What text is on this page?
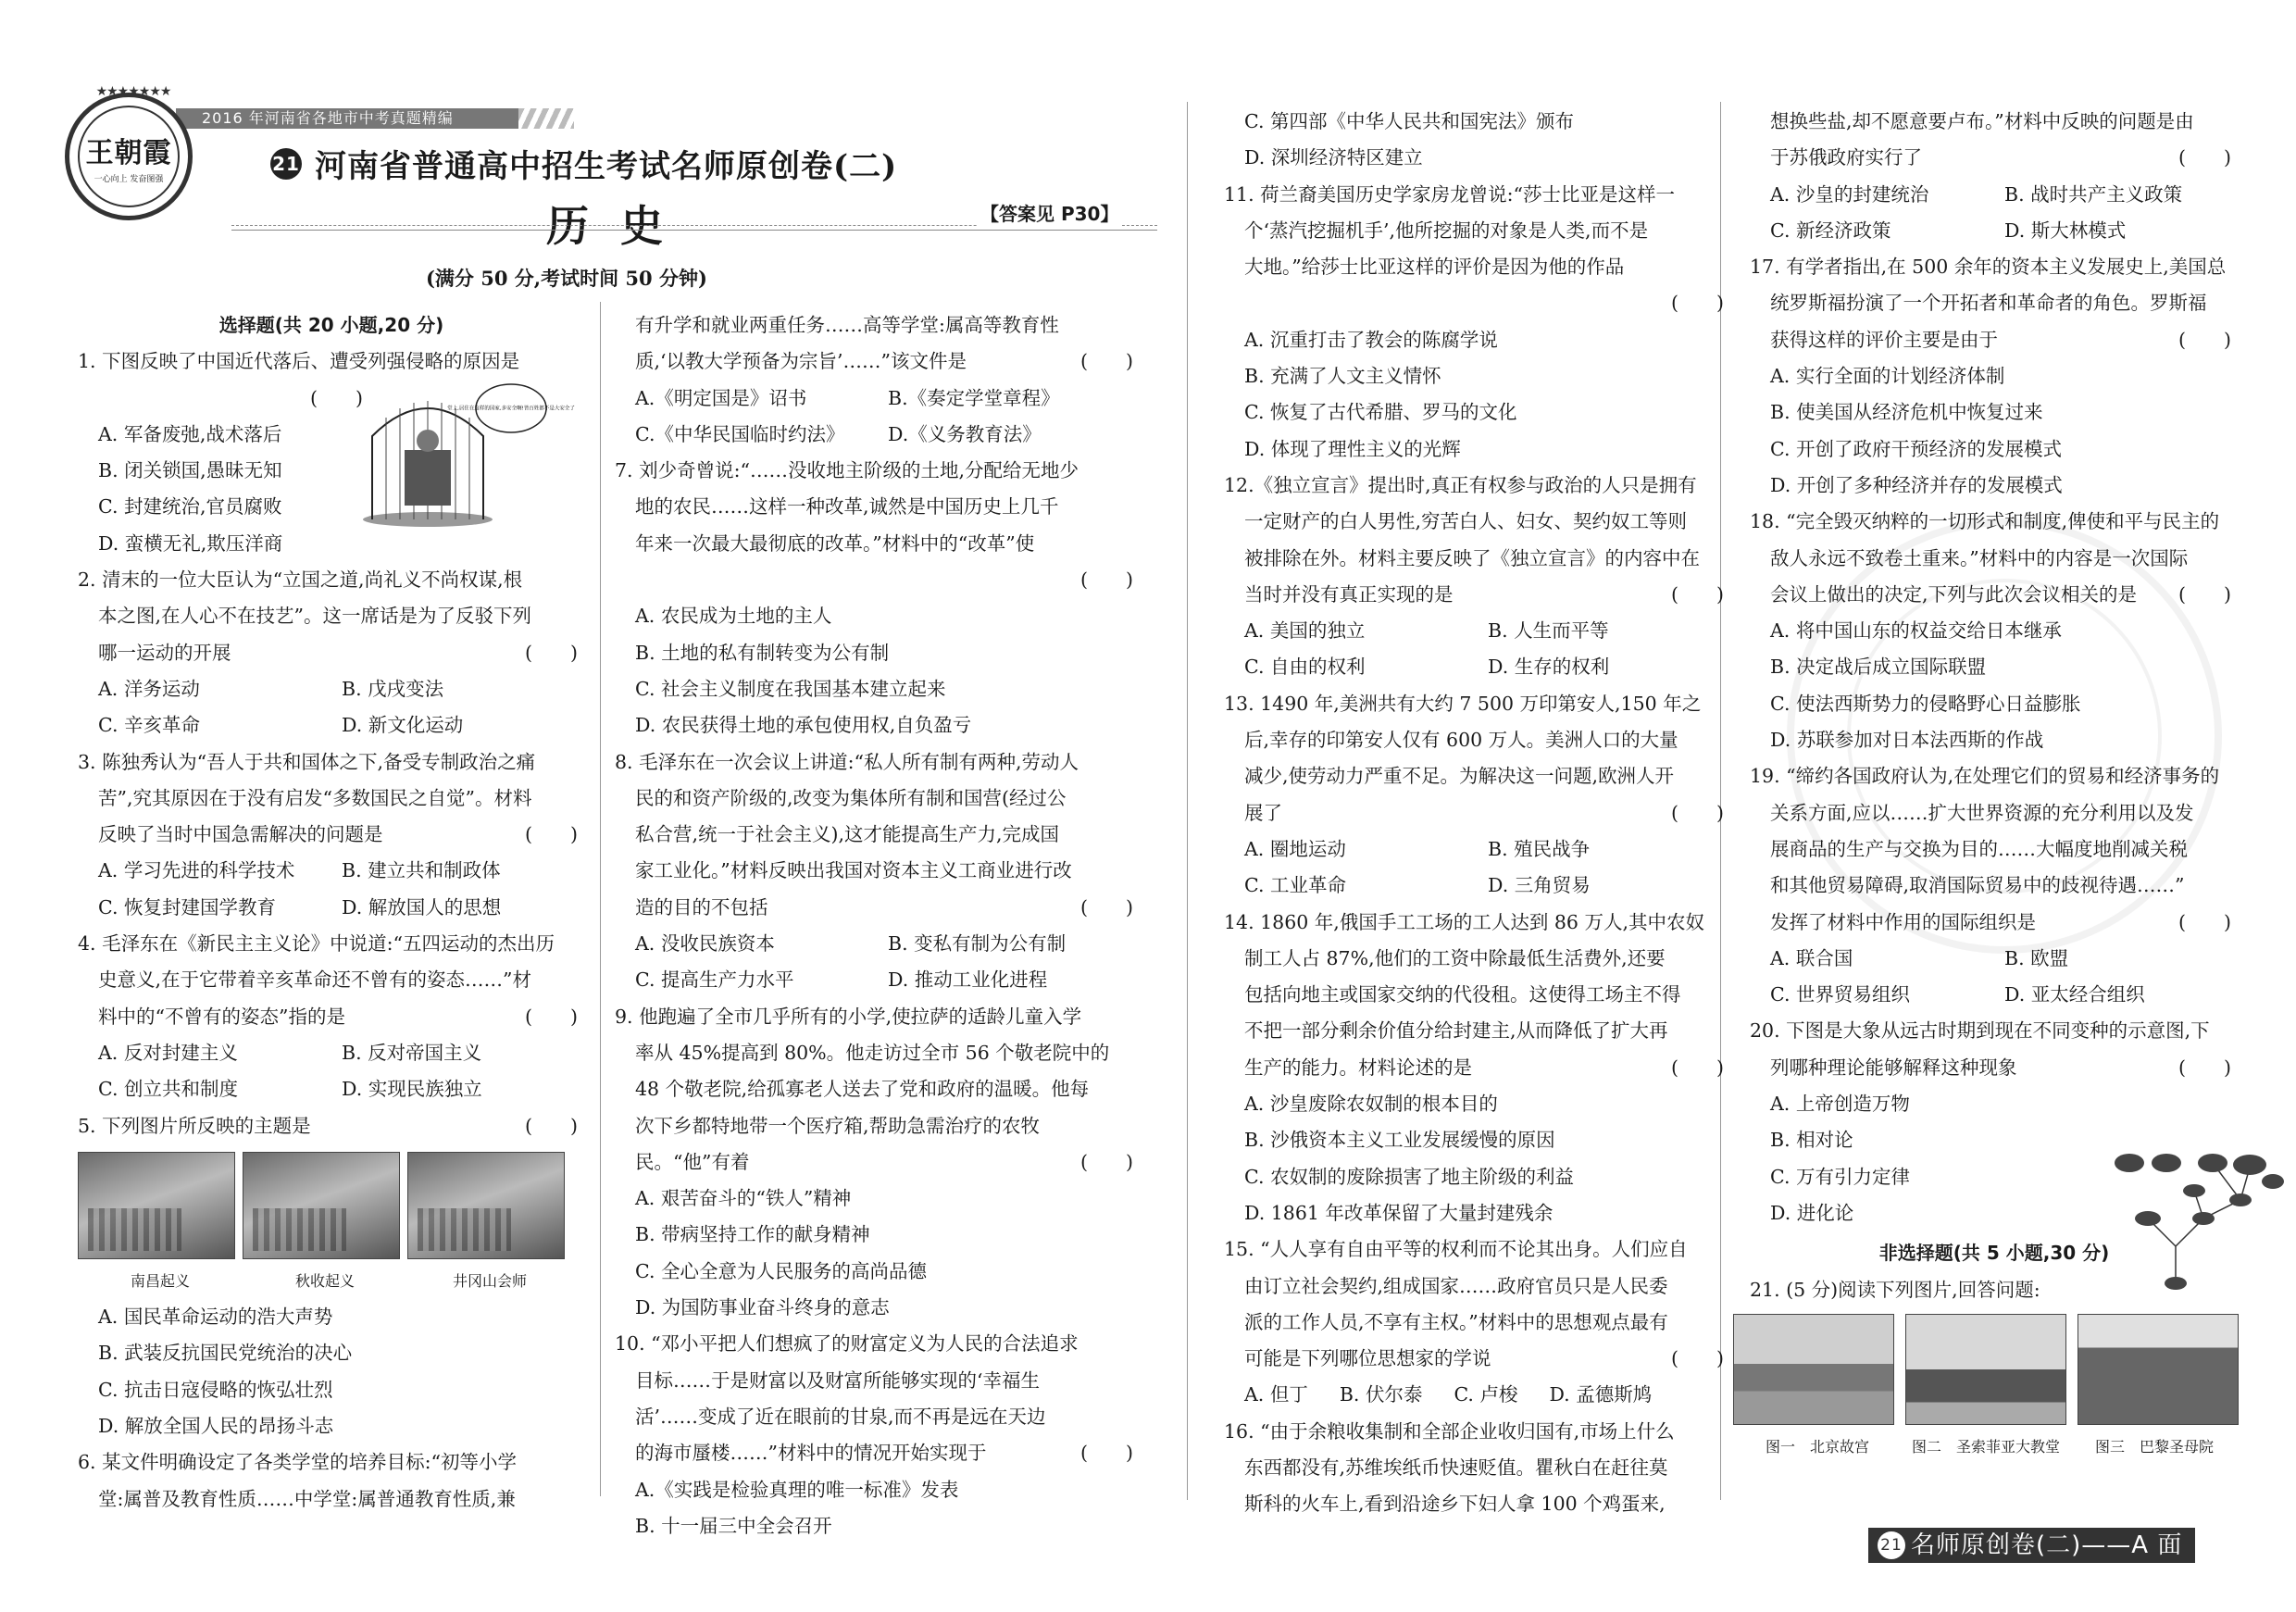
2016 年河南省各地市中考真题精编
★★★★★★★
王朝霞
一心向上 发奋图强
21 河南省普通高中招生考试名师原创卷(二)
历史	【答案见 P30】
(满分 50 分,考试时间 50 分钟)
选择题(共 20 小题,20 分)
1. 下图反映了中国近代落后、遭受列强侵略的原因是
(　　)
A. 军备废弛,战术落后
B. 闭关锁国,愚昧无知
C. 封建统治,官员腐败
D. 蛮横无礼,欺压洋商
堂上,居住在这样的国家,多安全啊!皆百姓都不是大安全了
2. 清末的一位大臣认为“立国之道,尚礼义不尚权谋,根
本之图,在人心不在技艺”。这一席话是为了反驳下列
哪一运动的开展	(　　)
A. 洋务运动	B. 戊戌变法
C. 辛亥革命	D. 新文化运动
3. 陈独秀认为“吾人于共和国体之下,备受专制政治之痛
苦”,究其原因在于没有启发“多数国民之自觉”。材料
反映了当时中国急需解决的问题是	(　　)
A. 学习先进的科学技术	B. 建立共和制政体
C. 恢复封建国学教育	D. 解放国人的思想
4. 毛泽东在《新民主主义论》中说道:“五四运动的杰出历
史意义,在于它带着辛亥革命还不曾有的姿态……”材
料中的“不曾有的姿态”指的是	(　　)
A. 反对封建主义	B. 反对帝国主义
C. 创立共和制度	D. 实现民族独立
5. 下列图片所反映的主题是	(　　)
南昌起义	秋收起义	井冈山会师
A. 国民革命运动的浩大声势
B. 武装反抗国民党统治的决心
C. 抗击日寇侵略的恢弘壮烈
D. 解放全国人民的昂扬斗志
6. 某文件明确设定了各类学堂的培养目标:“初等小学
堂:属普及教育性质……中学堂:属普通教育性质,兼
有升学和就业两重任务……高等学堂:属高等教育性
质,‘以教大学预备为宗旨’……”该文件是	(　　)
A.《明定国是》诏书	B.《奏定学堂章程》
C.《中华民国临时约法》	D.《义务教育法》
7. 刘少奇曾说:“……没收地主阶级的土地,分配给无地少
地的农民……这样一种改革,诚然是中国历史上几千
年来一次最大最彻底的改革。”材料中的“改革”使
(　　)
A. 农民成为土地的主人
B. 土地的私有制转变为公有制
C. 社会主义制度在我国基本建立起来
D. 农民获得土地的承包使用权,自负盈亏
8. 毛泽东在一次会议上讲道:“私人所有制有两种,劳动人
民的和资产阶级的,改变为集体所有制和国营(经过公
私合营,统一于社会主义),这才能提高生产力,完成国
家工业化。”材料反映出我国对资本主义工商业进行改
造的目的不包括	(　　)
A. 没收民族资本	B. 变私有制为公有制
C. 提高生产力水平	D. 推动工业化进程
9. 他跑遍了全市几乎所有的小学,使拉萨的适龄儿童入学
率从 45%提高到 80%。他走访过全市 56 个敬老院中的
48 个敬老院,给孤寡老人送去了党和政府的温暖。他每
次下乡都特地带一个医疗箱,帮助急需治疗的农牧
民。“他”有着	(　　)
A. 艰苦奋斗的“铁人”精神
B. 带病坚持工作的献身精神
C. 全心全意为人民服务的高尚品德
D. 为国防事业奋斗终身的意志
10. “邓小平把人们想疯了的财富定义为人民的合法追求
目标……于是财富以及财富所能够实现的‘幸福生
活’……变成了近在眼前的甘泉,而不再是远在天边
的海市蜃楼……”材料中的情况开始实现于	(　　)
A.《实践是检验真理的唯一标准》发表
B. 十一届三中全会召开
C. 第四部《中华人民共和国宪法》颁布
D. 深圳经济特区建立
11. 荷兰裔美国历史学家房龙曾说:“莎士比亚是这样一
个‘蒸汽挖掘机手’,他所挖掘的对象是人类,而不是
大地。”给莎士比亚这样的评价是因为他的作品
(　　)
A. 沉重打击了教会的陈腐学说
B. 充满了人文主义情怀
C. 恢复了古代希腊、罗马的文化
D. 体现了理性主义的光辉
12.《独立宣言》提出时,真正有权参与政治的人只是拥有
一定财产的白人男性,穷苦白人、妇女、契约奴工等则
被排除在外。材料主要反映了《独立宣言》的内容中在
当时并没有真正实现的是	(　　)
A. 美国的独立	B. 人生而平等
C. 自由的权利	D. 生存的权利
13. 1490 年,美洲共有大约 7 500 万印第安人,150 年之
后,幸存的印第安人仅有 600 万人。美洲人口的大量
减少,使劳动力严重不足。为解决这一问题,欧洲人开
展了	(　　)
A. 圈地运动	B. 殖民战争
C. 工业革命	D. 三角贸易
14. 1860 年,俄国手工工场的工人达到 86 万人,其中农奴
制工人占 87%,他们的工资中除最低生活费外,还要
包括向地主或国家交纳的代役租。这使得工场主不得
不把一部分剩余价值分给封建主,从而降低了扩大再
生产的能力。材料论述的是	(　　)
A. 沙皇废除农奴制的根本目的
B. 沙俄资本主义工业发展缓慢的原因
C. 农奴制的废除损害了地主阶级的利益
D. 1861 年改革保留了大量封建残余
15. “人人享有自由平等的权利而不论其出身。人们应自
由订立社会契约,组成国家……政府官员只是人民委
派的工作人员,不享有主权。”材料中的思想观点最有
可能是下列哪位思想家的学说	(　　)
A. 但丁 B. 伏尔泰 C. 卢梭 D. 孟德斯鸠
16. “由于余粮收集制和全部企业收归国有,市场上什么
东西都没有,苏维埃纸币快速贬值。瞿秋白在赶往莫
斯科的火车上,看到沿途乡下妇人拿 100 个鸡蛋来,
想换些盐,却不愿意要卢布。”材料中反映的问题是由
于苏俄政府实行了	(　　)
A. 沙皇的封建统治	B. 战时共产主义政策
C. 新经济政策	D. 斯大林模式
17. 有学者指出,在 500 余年的资本主义发展史上,美国总
统罗斯福扮演了一个开拓者和革命者的角色。罗斯福
获得这样的评价主要是由于	(　　)
A. 实行全面的计划经济体制
B. 使美国从经济危机中恢复过来
C. 开创了政府干预经济的发展模式
D. 开创了多种经济并存的发展模式
18. “完全毁灭纳粹的一切形式和制度,俾使和平与民主的
敌人永远不致卷土重来。”材料中的内容是一次国际
会议上做出的决定,下列与此次会议相关的是 (　　)
A. 将中国山东的权益交给日本继承
B. 决定战后成立国际联盟
C. 使法西斯势力的侵略野心日益膨胀
D. 苏联参加对日本法西斯的作战
19. “缔约各国政府认为,在处理它们的贸易和经济事务的
关系方面,应以……扩大世界资源的充分利用以及发
展商品的生产与交换为目的……大幅度地削减关税
和其他贸易障碍,取消国际贸易中的歧视待遇……”
发挥了材料中作用的国际组织是	(　　)
A. 联合国	B. 欧盟
C. 世界贸易组织	D. 亚太经合组织
20. 下图是大象从远古时期到现在不同变种的示意图,下
列哪种理论能够解释这种现象	(　　)
A. 上帝创造万物
B. 相对论
C. 万有引力定律
D. 进化论
非选择题(共 5 小题,30 分)
21. (5 分)阅读下列图片,回答问题:
图一　北京故宫	图二　圣索菲亚大教堂	图三　巴黎圣母院
21 名师原创卷(二)——A 面
